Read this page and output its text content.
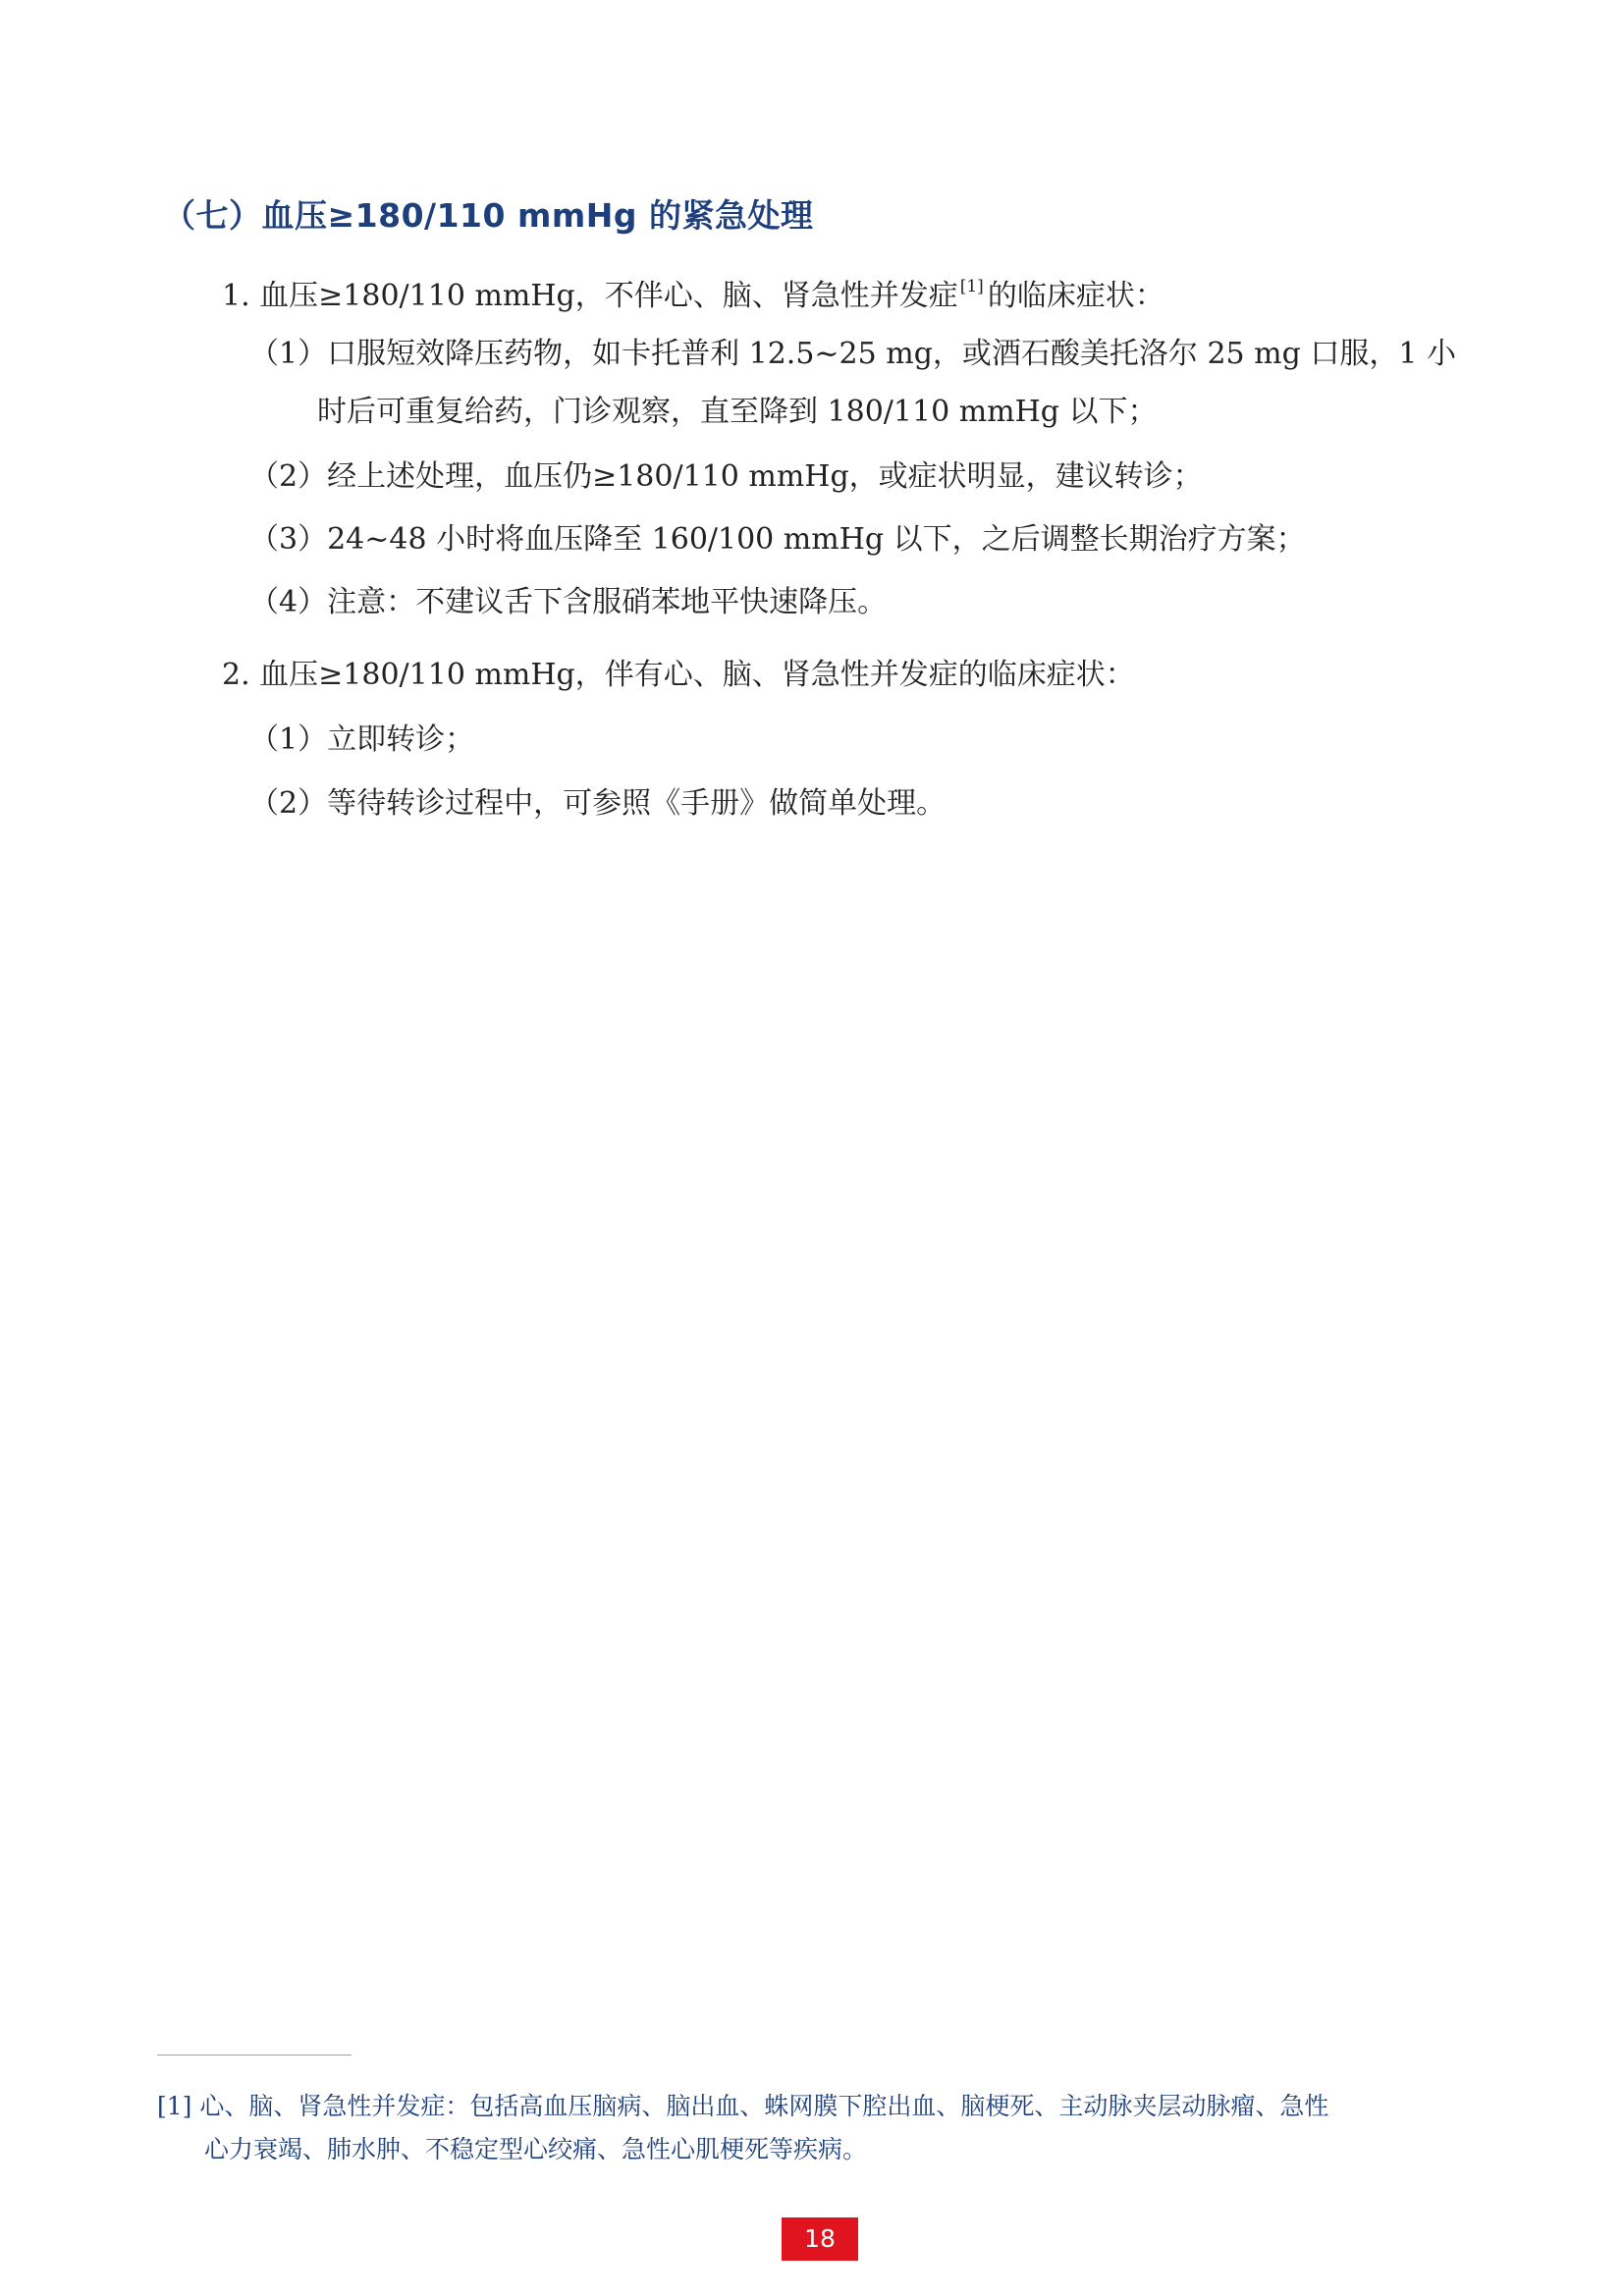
（七）血压≥180/110 mmHg 的紧急处理
1. 血压≥180/110 mmHg，不伴心、脑、肾急性并发症 [1] 的临床症状：
（1）口服短效降压药物，如卡托普利 12.5~25 mg，或酒石酸美托洛尔 25 mg 口服，1 小
时后可重复给药，门诊观察，直至降到 180/110 mmHg 以下；
（2）经上述处理，血压仍≥180/110 mmHg，或症状明显，建议转诊；
（3）24~48 小时将血压降至 160/100 mmHg 以下，之后调整长期治疗方案；
（4）注意：不建议舌下含服硝苯地平快速降压。
2. 血压≥180/110 mmHg，伴有心、脑、肾急性并发症的临床症状：
（1）立即转诊；
（2）等待转诊过程中，可参照《手册》做简单处理。
[1] 心、脑、肾急性并发症：包括高血压脑病、脑出血、蛛网膜下腔出血、脑梗死、主动脉夹层动脉瘤、急性
心力衰竭、肺水肿、不稳定型心绞痛、急性心肌梗死等疾病。
18
